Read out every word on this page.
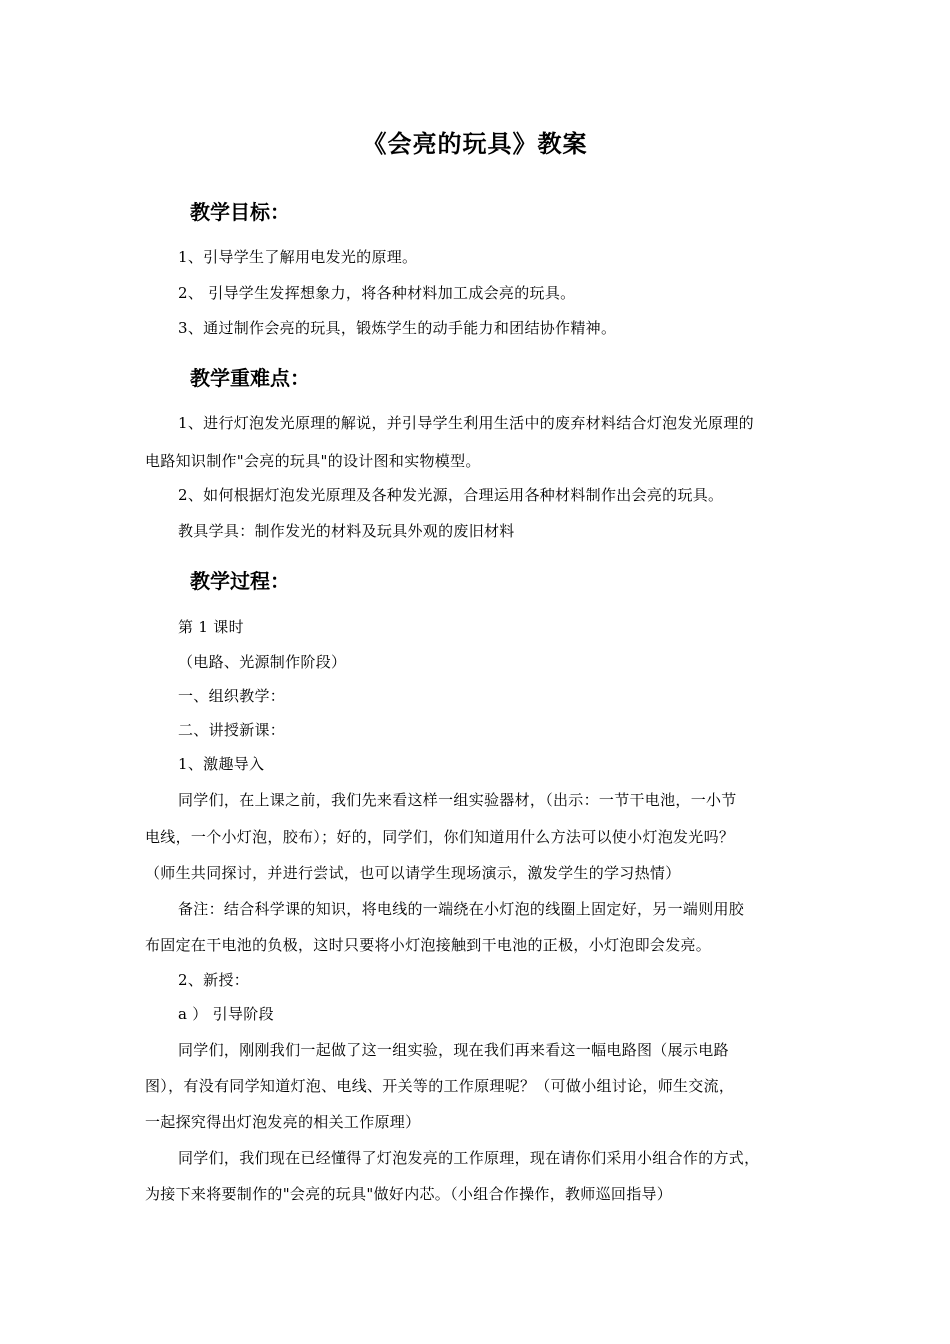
《会亮的玩具》教案
教学目标：

1、引导学生了解用电发光的原理。

2、 引导学生发挥想象力，将各种材料加工成会亮的玩具。

3、通过制作会亮的玩具，锻炼学生的动手能力和团结协作精神。

教学重难点：

1、进行灯泡发光原理的解说，并引导学生利用生活中的废弃材料结合灯泡发光原理的

电路知识制作"会亮的玩具"的设计图和实物模型。

2、如何根据灯泡发光原理及各种发光源，合理运用各种材料制作出会亮的玩具。

教具学具：制作发光的材料及玩具外观的废旧材料

教学过程：

第 1 课时

（电路、光源制作阶段）

一、组织教学：

二、讲授新课：

1、激趣导入

同学们，在上课之前，我们先来看这样一组实验器材，（出示：一节干电池，一小节

电线，一个小灯泡，胶布）；好的，同学们，你们知道用什么方法可以使小灯泡发光吗？

（师生共同探讨，并进行尝试，也可以请学生现场演示，激发学生的学习热情）

备注：结合科学课的知识，将电线的一端绕在小灯泡的线圈上固定好，另一端则用胶

布固定在干电池的负极，这时只要将小灯泡接触到干电池的正极，小灯泡即会发亮。

2、新授：

a ） 引导阶段

同学们，刚刚我们一起做了这一组实验，现在我们再来看这一幅电路图（展示电路

图），有没有同学知道灯泡、电线、开关等的工作原理呢？（可做小组讨论，师生交流，

一起探究得出灯泡发亮的相关工作原理）

同学们，我们现在已经懂得了灯泡发亮的工作原理，现在请你们采用小组合作的方式，

为接下来将要制作的"会亮的玩具"做好内芯。（小组合作操作，教师巡回指导）
